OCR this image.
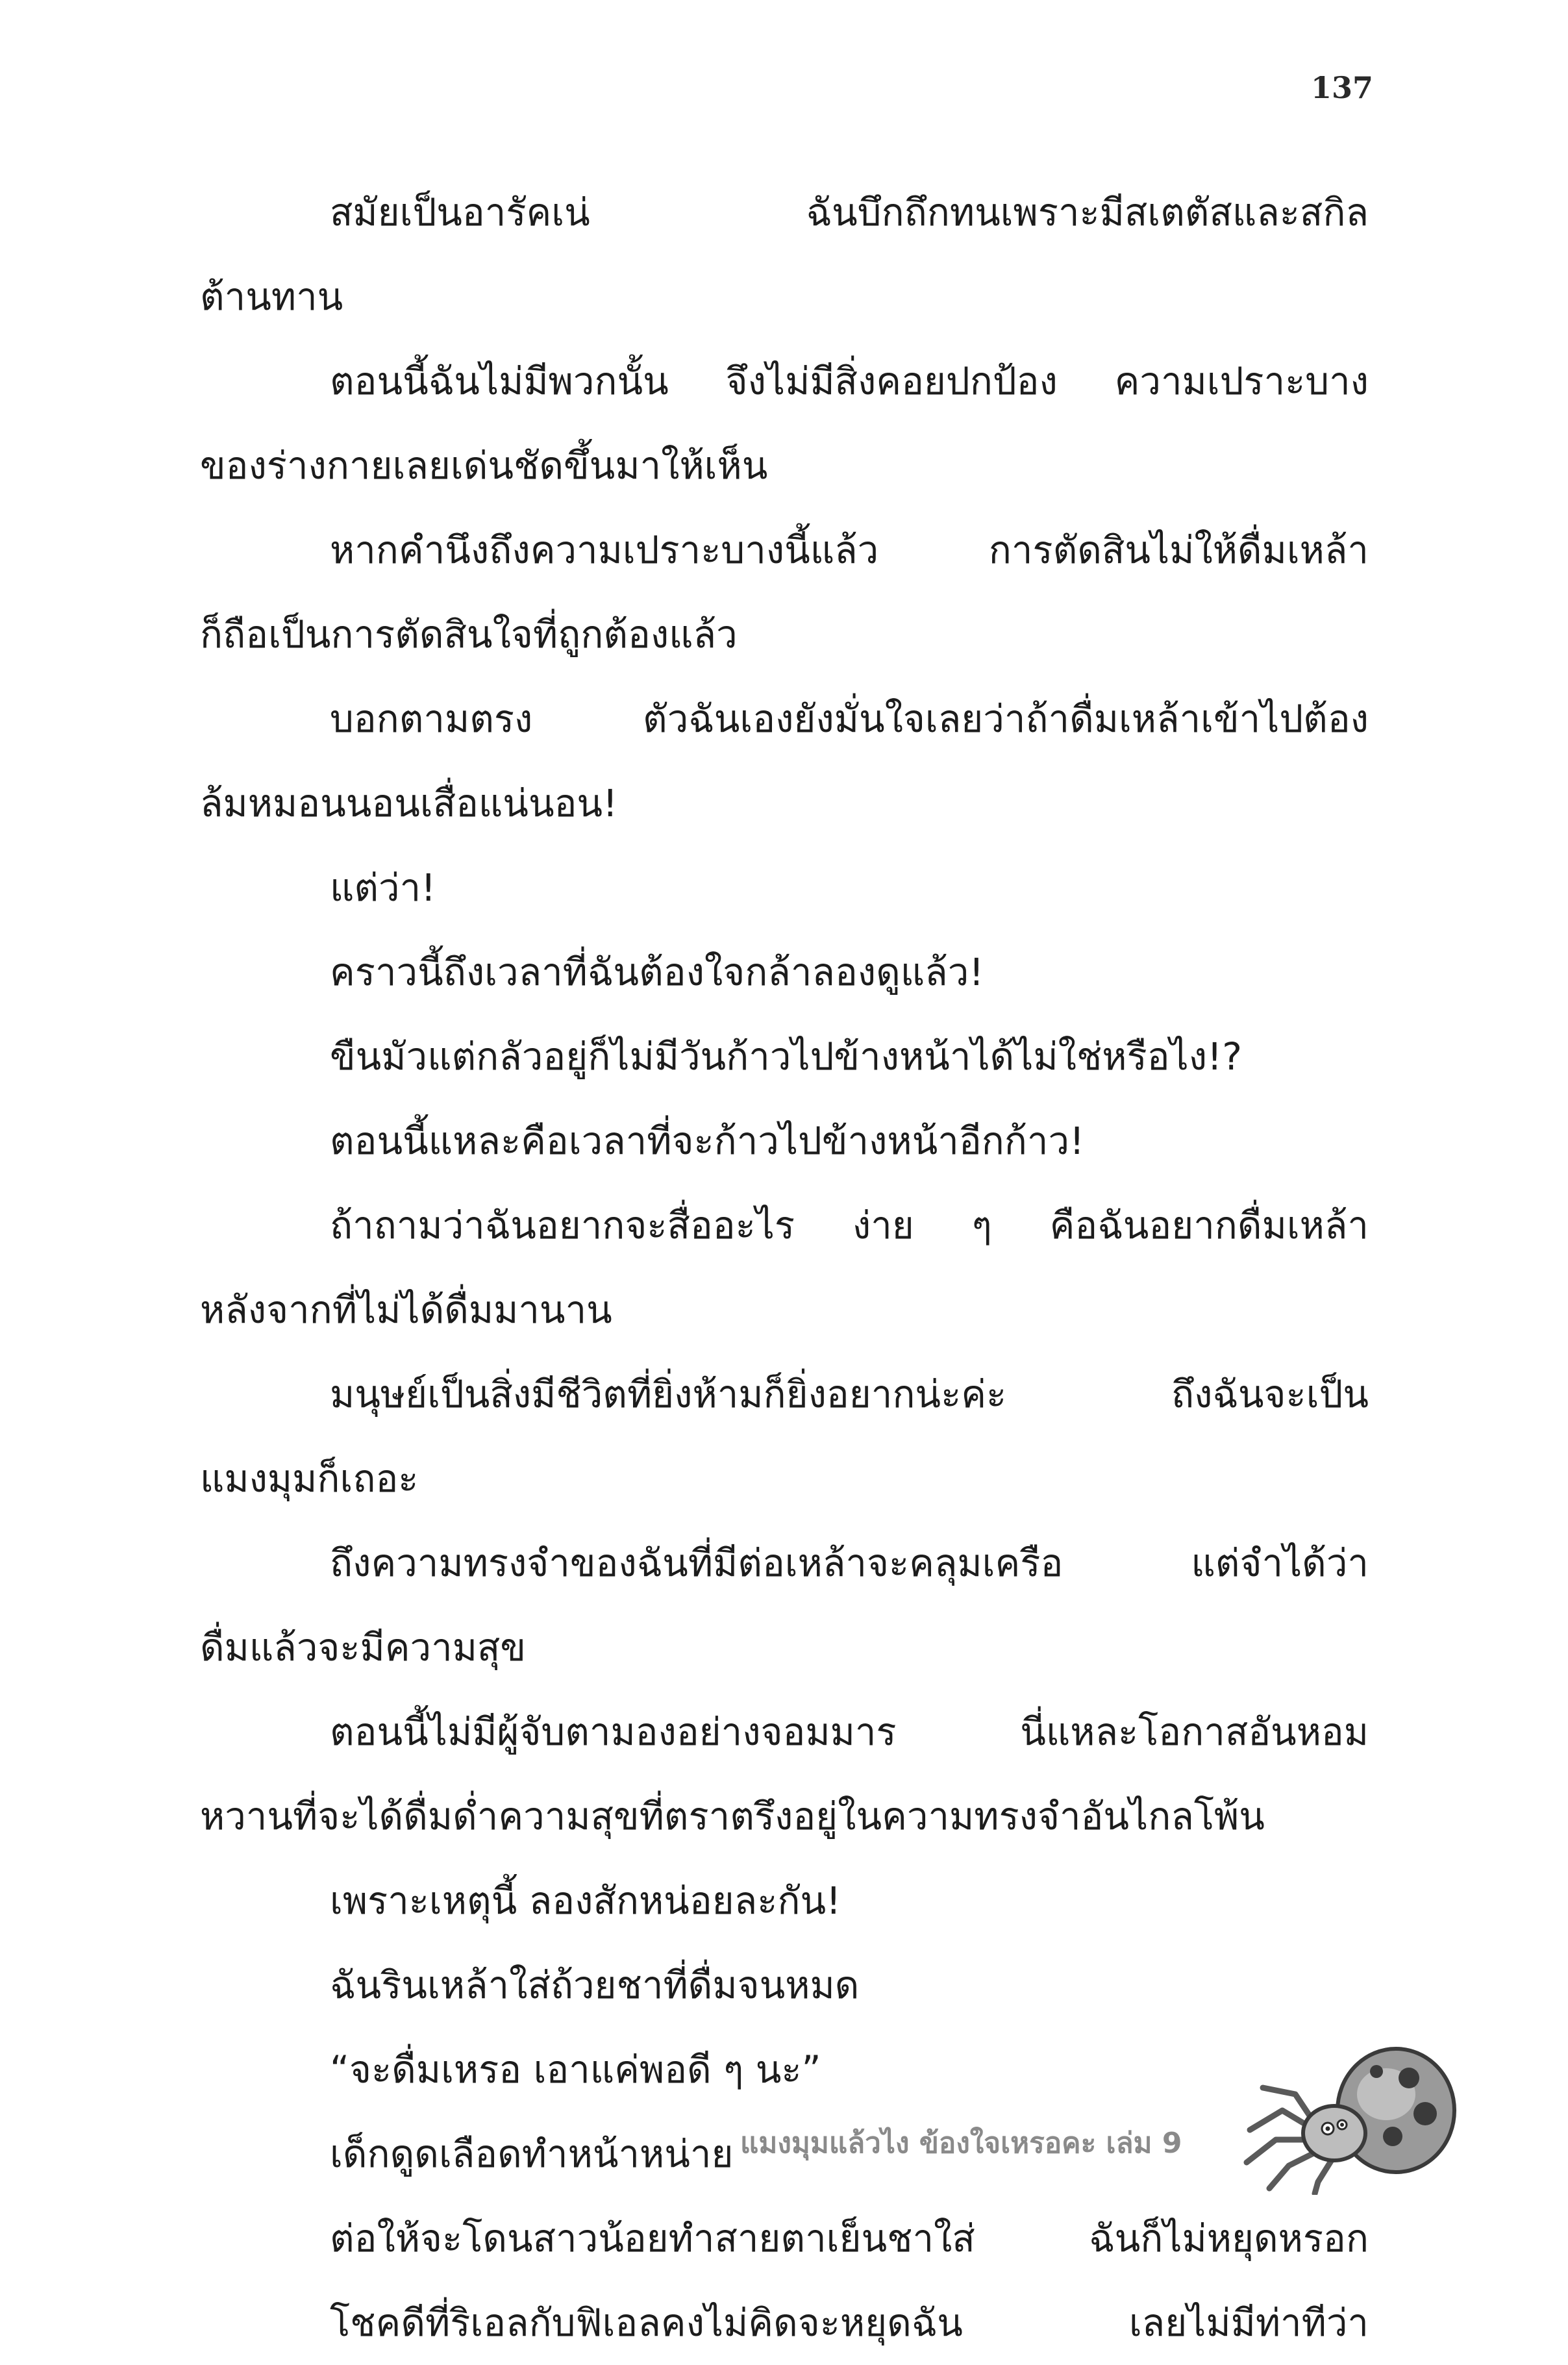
137
สมัยเป็นอารัคเน่ ฉันบึกถึกทนเพราะมีสเตตัสและสกิล
ต้านทาน
ตอนนี้ฉันไม่มีพวกนั้น จึงไม่มีสิ่งคอยปกป้อง ความเปราะบาง
ของร่างกายเลยเด่นชัดขึ้นมาให้เห็น
หากคำนึงถึงความเปราะบางนี้แล้ว การตัดสินไม่ให้ดื่มเหล้า
ก็ถือเป็นการตัดสินใจที่ถูกต้องแล้ว
บอกตามตรง ตัวฉันเองยังมั่นใจเลยว่าถ้าดื่มเหล้าเข้าไปต้อง
ล้มหมอนนอนเสื่อแน่นอน!
แต่ว่า!
คราวนี้ถึงเวลาที่ฉันต้องใจกล้าลองดูแล้ว!
ขืนมัวแต่กลัวอยู่ก็ไม่มีวันก้าวไปข้างหน้าได้ไม่ใช่หรือไง!?
ตอนนี้แหละคือเวลาที่จะก้าวไปข้างหน้าอีกก้าว!
ถ้าถามว่าฉันอยากจะสื่ออะไร ง่าย ๆ คือฉันอยากดื่มเหล้า
หลังจากที่ไม่ได้ดื่มมานาน
มนุษย์เป็นสิ่งมีชีวิตที่ยิ่งห้ามก็ยิ่งอยากน่ะค่ะ ถึงฉันจะเป็น
แมงมุมก็เถอะ
ถึงความทรงจำของฉันที่มีต่อเหล้าจะคลุมเครือ แต่จำได้ว่า
ดื่มแล้วจะมีความสุข
ตอนนี้ไม่มีผู้จับตามองอย่างจอมมาร นี่แหละโอกาสอันหอม
หวานที่จะได้ดื่มด่ำความสุขที่ตราตรึงอยู่ในความทรงจำอันไกลโพ้น
เพราะเหตุนี้ ลองสักหน่อยละกัน!
ฉันรินเหล้าใส่ถ้วยชาที่ดื่มจนหมด
“จะดื่มเหรอ เอาแค่พอดี ๆ นะ”
เด็กดูดเลือดทำหน้าหน่าย
ต่อให้จะโดนสาวน้อยทำสายตาเย็นชาใส่ ฉันก็ไม่หยุดหรอก
โชคดีที่ริเอลกับฟิเอลคงไม่คิดจะหยุดฉัน เลยไม่มีท่าทีว่า
แมงมุมแล้วไง ข้องใจเหรอคะ เล่ม 9
